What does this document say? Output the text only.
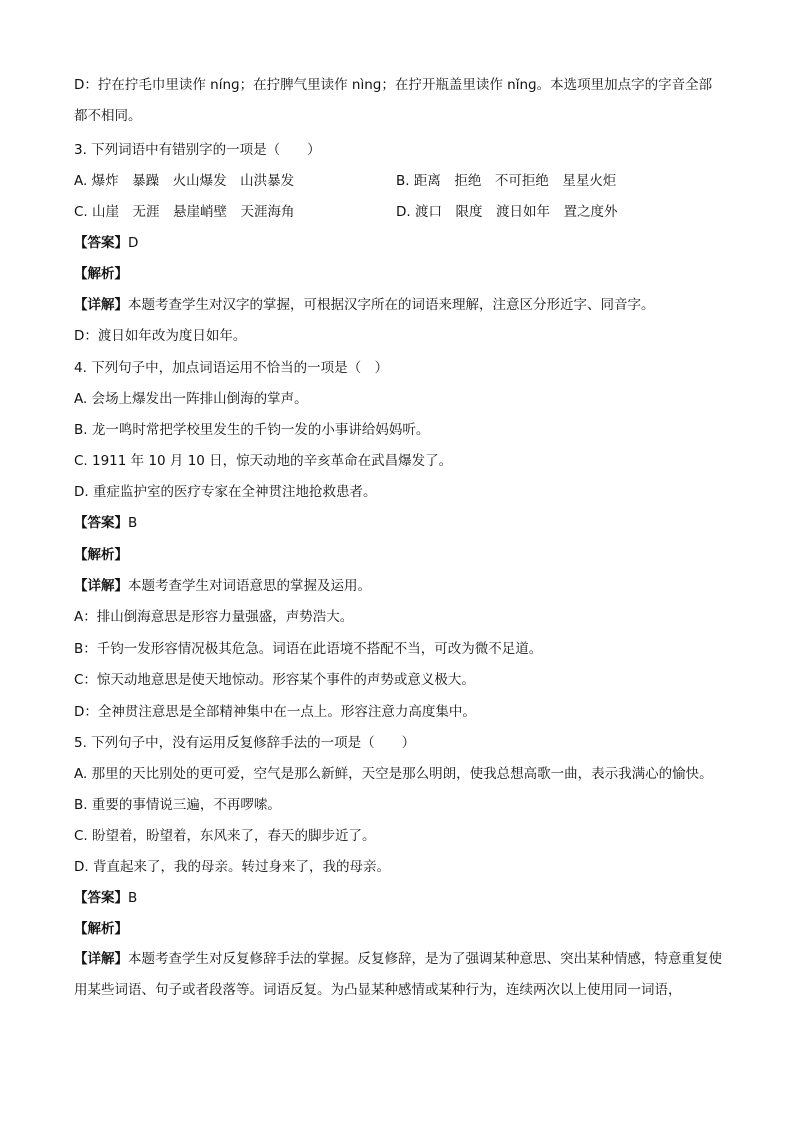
D：拧在拧毛巾里读作 nínɡ；在拧脾气里读作 nìnɡ；在拧开瓶盖里读作 nǐnɡ。本选项里加点字的字音全部都不相同。
3. 下列词语中有错别字的一项是（　　）
A. 爆炸　暴躁　火山爆发　山洪暴发	B. 距离　拒绝　不可拒绝　星星火炬
C. 山崖　无涯　悬崖峭壁　天涯海角	D. 渡口　限度　渡日如年　置之度外
【答案】D
【解析】
【详解】本题考查学生对汉字的掌握，可根据汉字所在的词语来理解，注意区分形近字、同音字。
D：渡日如年改为度日如年。
4. 下列句子中，加点词语运用不恰当的一项是（　）
A. 会场上爆发出一阵排山倒海的掌声。
B. 龙一鸣时常把学校里发生的千钧一发的小事讲给妈妈听。
C. 1911 年 10 月 10 日，惊天动地的辛亥革命在武昌爆发了。
D. 重症监护室的医疗专家在全神贯注地抢救患者。
【答案】B
【解析】
【详解】本题考查学生对词语意思的掌握及运用。
A：排山倒海意思是形容力量强盛，声势浩大。
B：千钧一发形容情况极其危急。词语在此语境不搭配不当，可改为微不足道。
C：惊天动地意思是使天地惊动。形容某个事件的声势或意义极大。
D：全神贯注意思是全部精神集中在一点上。形容注意力高度集中。
5. 下列句子中，没有运用反复修辞手法的一项是（　　）
A. 那里的天比别处的更可爱，空气是那么新鲜，天空是那么明朗，使我总想高歌一曲，表示我满心的愉快。
B. 重要的事情说三遍，不再啰嗦。
C. 盼望着，盼望着，东风来了，春天的脚步近了。
D. 背直起来了，我的母亲。转过身来了，我的母亲。
【答案】B
【解析】
【详解】本题考查学生对反复修辞手法的掌握。反复修辞，是为了强调某种意思、突出某种情感，特意重复使用某些词语、句子或者段落等。词语反复。为凸显某种感情或某种行为，连续两次以上使用同一词语，
